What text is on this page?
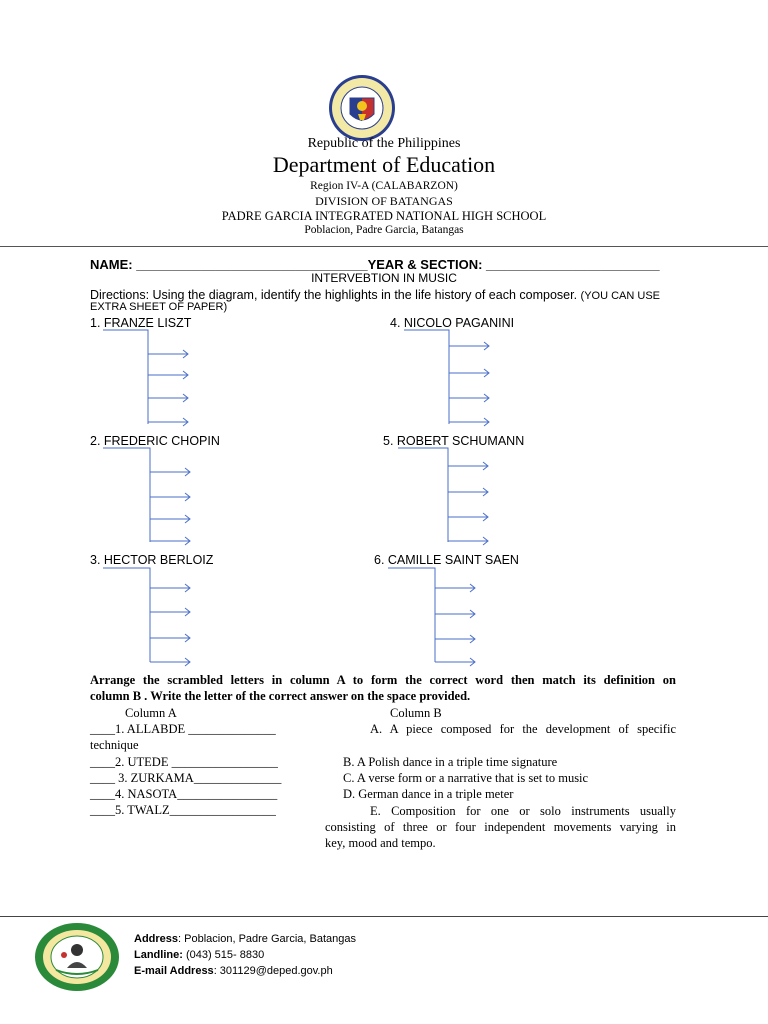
Republic of the Philippines
Department of Education
Region IV-A (CALABARZON)
DIVISION OF BATANGAS
PADRE GARCIA INTEGRATED NATIONAL HIGH SCHOOL
Poblacion, Padre Garcia, Batangas
NAME: ________________________________YEAR & SECTION: ________________________
INTERVEBTION IN MUSIC
Directions: Using the diagram, identify the highlights in the life history of each composer. (YOU CAN USE
EXTRA SHEET OF PAPER)
1. FRANZE LISZT
2. FREDERIC CHOPIN
3. HECTOR BERLOIZ
4. NICOLO PAGANINI
5. ROBERT SCHUMANN
6. CAMILLE SAINT SAEN
Arrange the scrambled letters in column A to form the correct word then match its definition on
column B . Write the letter of the correct answer on the space provided.
Column A	Column B
____1. ALLABDE ______________
technique
____2. UTEDE _________________
____ 3. ZURKAMA______________
____4. NASOTA________________
____5. TWALZ_________________
A. A piece composed for the development of specific
B. A Polish dance in a triple time signature
C. A verse form or a narrative that is set to music
D. German dance in a triple meter
E. Composition for one or solo instruments usually
consisting of three or four independent movements varying in
key, mood and tempo.
Address: Poblacion, Padre Garcia, Batangas
Landline: (043) 515- 8830
E-mail Address: 301129@deped.gov.ph
